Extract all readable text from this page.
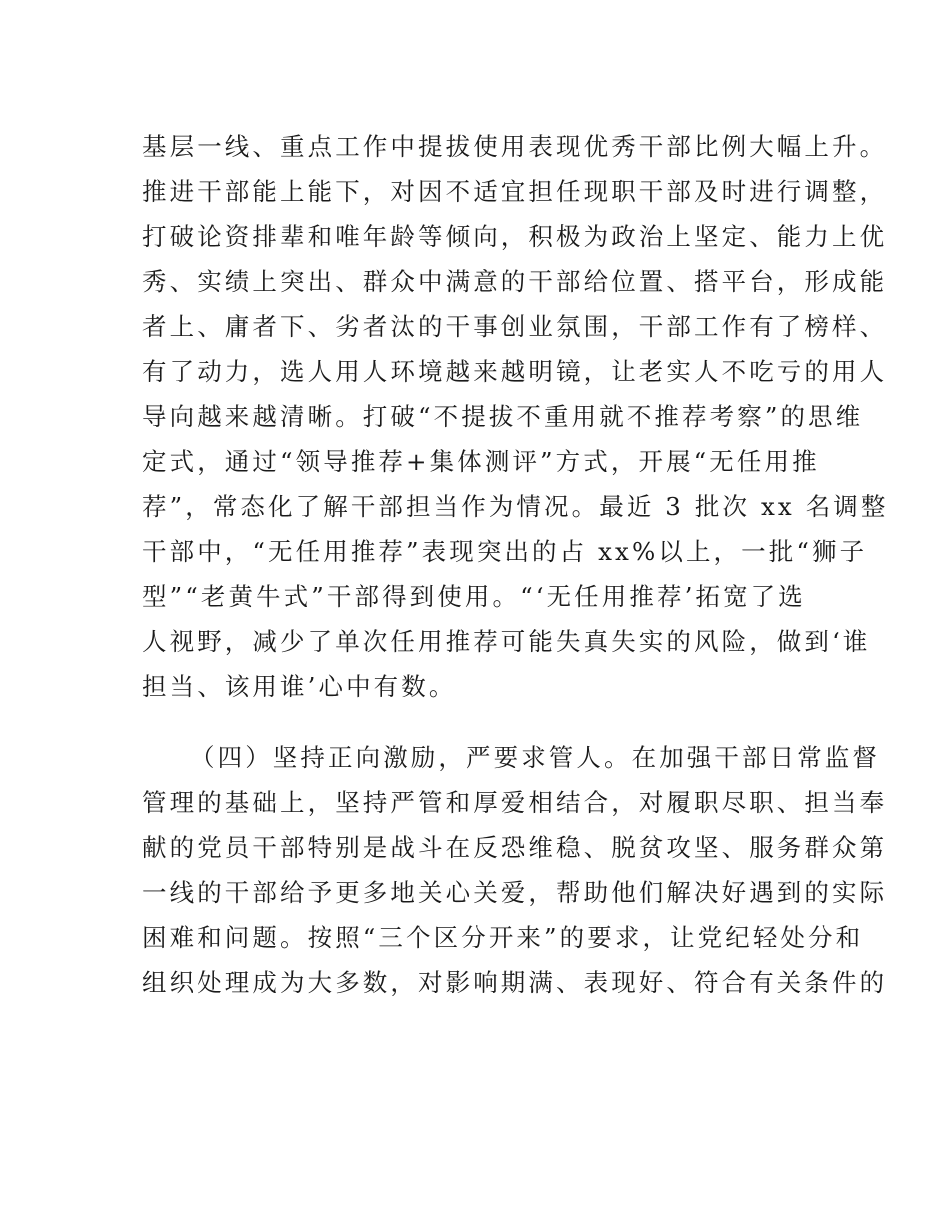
基层一线、重点工作中提拔使用表现优秀干部比例大幅上升。

推进干部能上能下，对因不适宜担任现职干部及时进行调整，

打破论资排辈和唯年龄等倾向，积极为政治上坚定、能力上优

秀、实绩上突出、群众中满意的干部给位置、搭平台，形成能

者上、庸者下、劣者汰的干事创业氛围，干部工作有了榜样、

有了动力，选人用人环境越来越明镜，让老实人不吃亏的用人

导向越来越清晰。打破“不提拔不重用就不推荐考察”的思维

定式，通过“领导推荐+集体测评”方式，开展“无任用推

荐”，常态化了解干部担当作为情况。最近 3 批次 xx 名调整

干部中，“无任用推荐”表现突出的占 xx%以上，一批“狮子

型”“老黄牛式”干部得到使用。“‘无任用推荐’拓宽了选

人视野，减少了单次任用推荐可能失真失实的风险，做到‘谁

担当、该用谁’心中有数。

（四）坚持正向激励，严要求管人。在加强干部日常监督

管理的基础上，坚持严管和厚爱相结合，对履职尽职、担当奉

献的党员干部特别是战斗在反恐维稳、脱贫攻坚、服务群众第

一线的干部给予更多地关心关爱，帮助他们解决好遇到的实际

困难和问题。按照“三个区分开来”的要求，让党纪轻处分和

组织处理成为大多数，对影响期满、表现好、符合有关条件的
